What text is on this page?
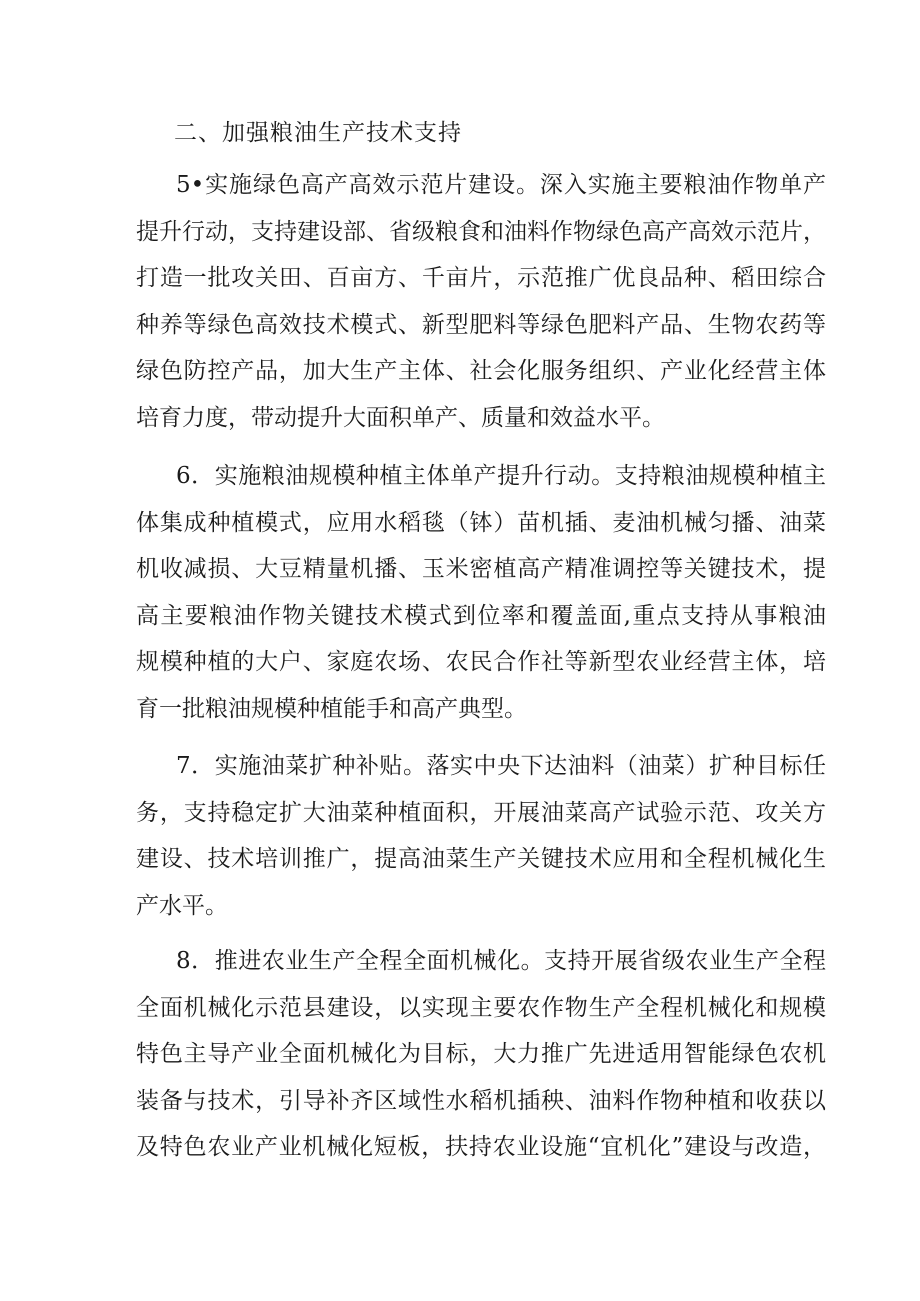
二、加强粮油生产技术支持
5•实施绿色高产高效示范片建设。深入实施主要粮油作物单产
提升行动，支持建设部、省级粮食和油料作物绿色高产高效示范片，
打造一批攻关田、百亩方、千亩片，示范推广优良品种、稻田综合
种养等绿色高效技术模式、新型肥料等绿色肥料产品、生物农药等
绿色防控产品，加大生产主体、社会化服务组织、产业化经营主体
培育力度，带动提升大面积单产、质量和效益水平。
6．实施粮油规模种植主体单产提升行动。支持粮油规模种植主
体集成种植模式，应用水稻毯（钵）苗机插、麦油机械匀播、油菜
机收减损、大豆精量机播、玉米密植高产精准调控等关键技术，提
高主要粮油作物关键技术模式到位率和覆盖面,重点支持从事粮油
规模种植的大户、家庭农场、农民合作社等新型农业经营主体，培
育一批粮油规模种植能手和高产典型。
7．实施油菜扩种补贴。落实中央下达油料（油菜）扩种目标任
务，支持稳定扩大油菜种植面积，开展油菜高产试验示范、攻关方
建设、技术培训推广，提高油菜生产关键技术应用和全程机械化生
产水平。
8．推进农业生产全程全面机械化。支持开展省级农业生产全程
全面机械化示范县建设，以实现主要农作物生产全程机械化和规模
特色主导产业全面机械化为目标，大力推广先进适用智能绿色农机
装备与技术，引导补齐区域性水稻机插秧、油料作物种植和收获以
及特色农业产业机械化短板，扶持农业设施“宜机化”建设与改造，
